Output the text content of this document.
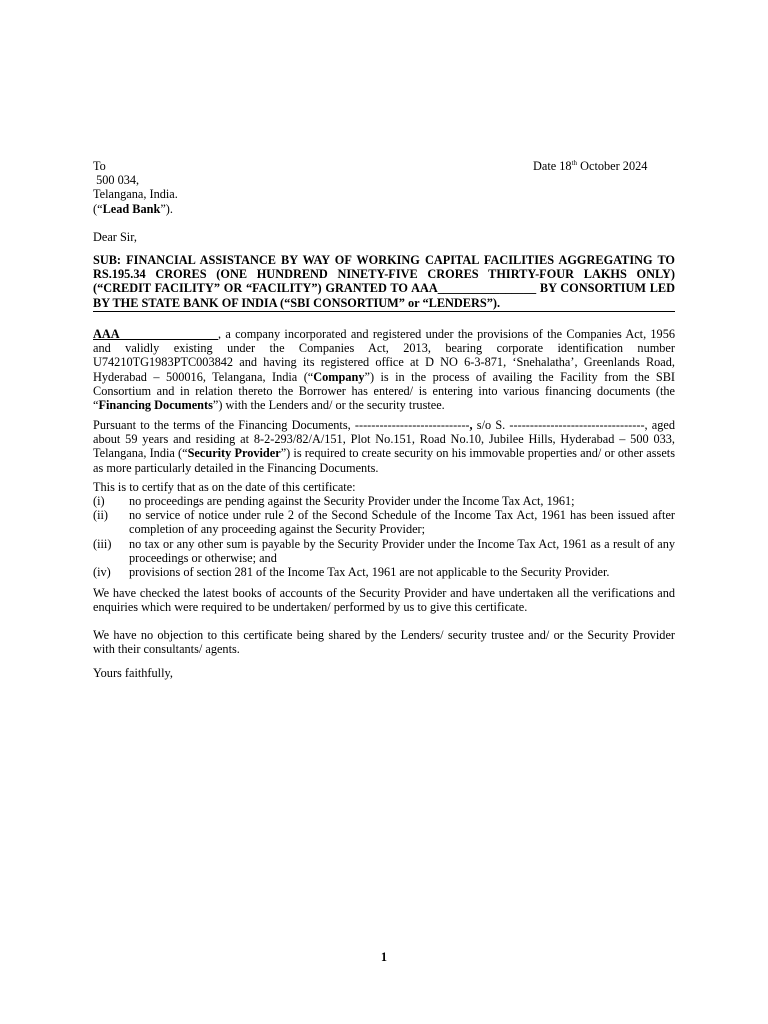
To	Date 18th October 2024
500 034,
Telangana, India.
(“Lead Bank”).
Dear Sir,
SUB: FINANCIAL ASSISTANCE BY WAY OF WORKING CAPITAL FACILITIES AGGREGATING TO RS.195.34 CRORES (ONE HUNDREND NINETY-FIVE CRORES THIRTY-FOUR LAKHS ONLY) (“CREDIT FACILITY” OR “FACILITY”) GRANTED TO AAA________________ BY CONSORTIUM LED BY THE STATE BANK OF INDIA (“SBI CONSORTIUM” or “LENDERS”).
AAA________________, a company incorporated and registered under the provisions of the Companies Act, 1956 and validly existing under the Companies Act, 2013, bearing corporate identification number U74210TG1983PTC003842 and having its registered office at D NO 6-3-871, ‘Snehalatha’, Greenlands Road, Hyderabad – 500016, Telangana, India (“Company”) is in the process of availing the Facility from the SBI Consortium and in relation thereto the Borrower has entered/ is entering into various financing documents (the “Financing Documents”) with the Lenders and/ or the security trustee.
Pursuant to the terms of the Financing Documents, ----------------------------, s/o S. ---------------------------------, aged about 59 years and residing at 8-2-293/82/A/151, Plot No.151, Road No.10, Jubilee Hills, Hyderabad – 500 033, Telangana, India (“Security Provider”) is required to create security on his immovable properties and/ or other assets as more particularly detailed in the Financing Documents.
This is to certify that as on the date of this certificate:
(i) no proceedings are pending against the Security Provider under the Income Tax Act, 1961;
(ii) no service of notice under rule 2 of the Second Schedule of the Income Tax Act, 1961 has been issued after completion of any proceeding against the Security Provider;
(iii) no tax or any other sum is payable by the Security Provider under the Income Tax Act, 1961 as a result of any proceedings or otherwise; and
(iv) provisions of section 281 of the Income Tax Act, 1961 are not applicable to the Security Provider.
We have checked the latest books of accounts of the Security Provider and have undertaken all the verifications and enquiries which were required to be undertaken/ performed by us to give this certificate.
We have no objection to this certificate being shared by the Lenders/ security trustee and/ or the Security Provider with their consultants/ agents.
Yours faithfully,
1
